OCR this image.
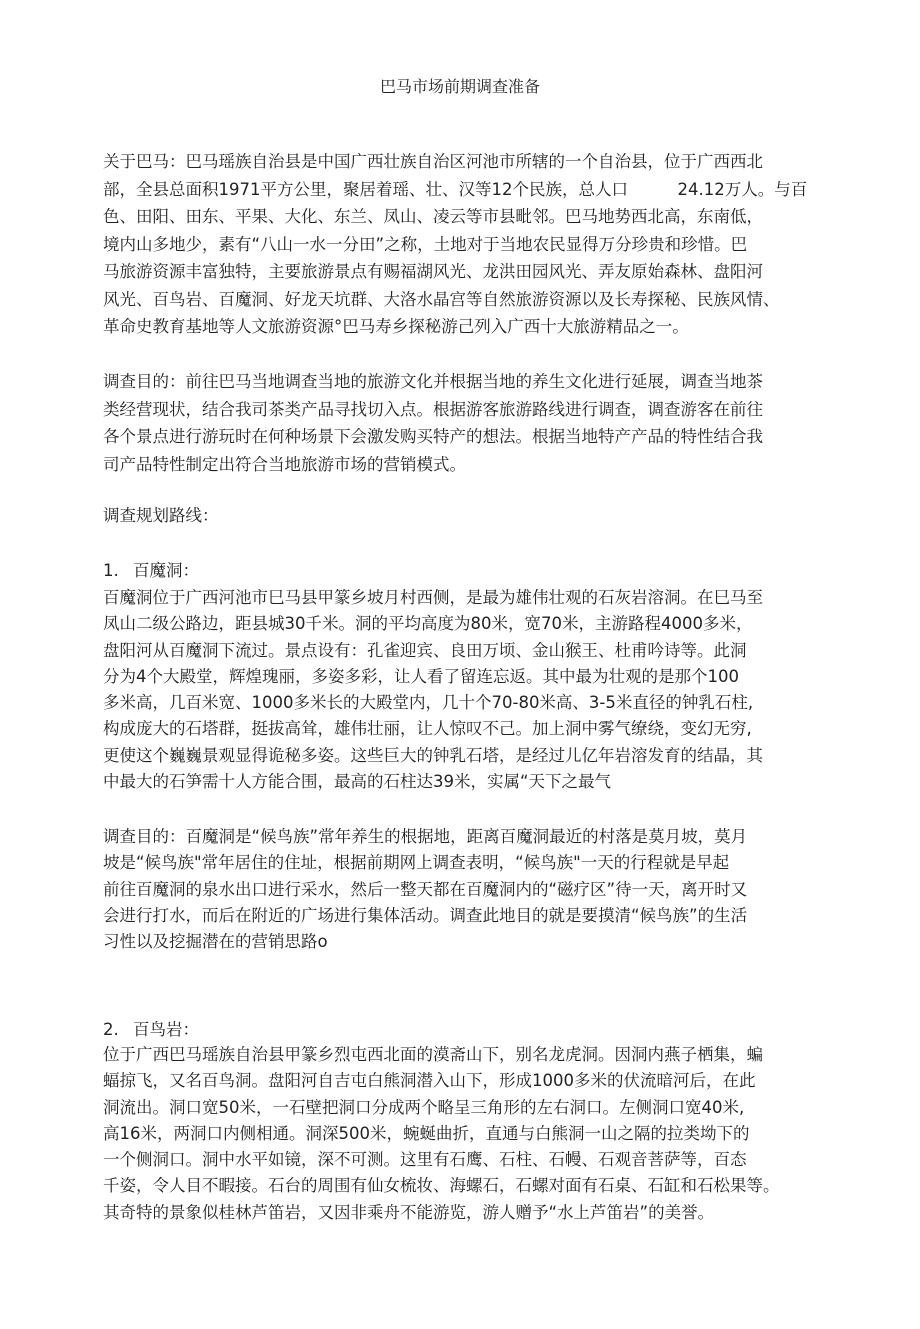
巴马市场前期调查准备
关于巴马：巴马瑶族自治县是中国广西壮族自治区河池市所辖的一个自治县，位于广西西北
部，全县总面积1971平方公里，聚居着瑶、壮、汉等12个民族，总人口　　　24.12万人。与百
色、田阳、田东、平果、大化、东兰、凤山、凌云等市县毗邻。巴马地势西北高，东南低，
境内山多地少，素有“八山一水一分田”之称，土地对于当地农民显得万分珍贵和珍惜。巴
马旅游资源丰富独特，主要旅游景点有赐福湖风光、龙洪田园风光、弄友原始森林、盘阳河
风光、百鸟岩、百魔洞、好龙天坑群、大洛水晶宫等自然旅游资源以及长寿探秘、民族风情、
革命史教育基地等人文旅游资源°巴马寿乡探秘游己列入广西十大旅游精品之一。
调查目的：前往巴马当地调查当地的旅游文化并根据当地的养生文化进行延展，调查当地茶
类经营现状，结合我司茶类产品寻找切入点。根据游客旅游路线进行调查，调查游客在前往
各个景点进行游玩时在何种场景下会激发购买特产的想法。根据当地特产产品的特性结合我
司产品特性制定出符合当地旅游市场的营销模式。
调查规划路线：
1. 百魔洞：
百魔洞位于广西河池市巳马县甲篆乡坡月村西侧，是最为雄伟壮观的石灰岩溶洞。在巳马至
凤山二级公路边，距县城30千米。洞的平均高度为80米，宽70米，主游路程4000多米，
盘阳河从百魔洞下流过。景点设有：孔雀迎宾、良田万顷、金山猴王、杜甫吟诗等。此洞
分为4个大殿堂，辉煌瑰丽，多姿多彩，让人看了留连忘返。其中最为壮观的是那个100
多米高，几百米宽、1000多米长的大殿堂内，几十个70-80米高、3-5米直径的钟乳石柱,
构成庞大的石塔群，挺拔高耸，雄伟壮丽，让人惊叹不己。加上洞中雾气缭绕，变幻无穷,
更使这个巍巍景观显得诡秘多姿。这些巨大的钟乳石塔，是经过儿亿年岩溶发育的结晶，其
中最大的石笋需十人方能合围，最高的石柱达39米，实属“天下之最气
调查目的：百魔洞是“候鸟族”常年养生的根据地，距离百魔洞最近的村落是莫月坡，莫月
坡是“候鸟族"常年居住的住址，根据前期网上调查表明，“候鸟族"一天的行程就是早起
前往百魔洞的泉水出口进行采水，然后一整天都在百魔洞内的“磁疗区”待一天，离开时又
会进行打水，而后在附近的广场进行集体活动。调查此地目的就是要摸清“候鸟族”的生活
习性以及挖掘潜在的营销思路o
2. 百鸟岩：
位于广西巴马瑶族自治县甲篆乡烈屯西北面的漠斋山下，别名龙虎洞。因洞内燕子栖集，蝙
蝠掠飞，又名百鸟洞。盘阳河自吉屯白熊洞潜入山下，形成1000多米的伏流暗河后，在此
洞流出。洞口宽50米，一石壁把洞口分成两个略呈三角形的左右洞口。左侧洞口宽40米,
高16米，两洞口内侧相通。洞深500米，蜿蜒曲折，直通与白熊洞一山之隔的拉类坳下的
一个侧洞口。洞中水平如镜，深不可测。这里有石鹰、石柱、石幔、石观音菩萨等，百态
千姿，令人目不暇接。石台的周围有仙女梳妆、海螺石，石螺对面有石桌、石缸和石松果等。
其奇特的景象似桂林芦笛岩，又因非乘舟不能游览，游人赠予“水上芦笛岩”的美誉。
